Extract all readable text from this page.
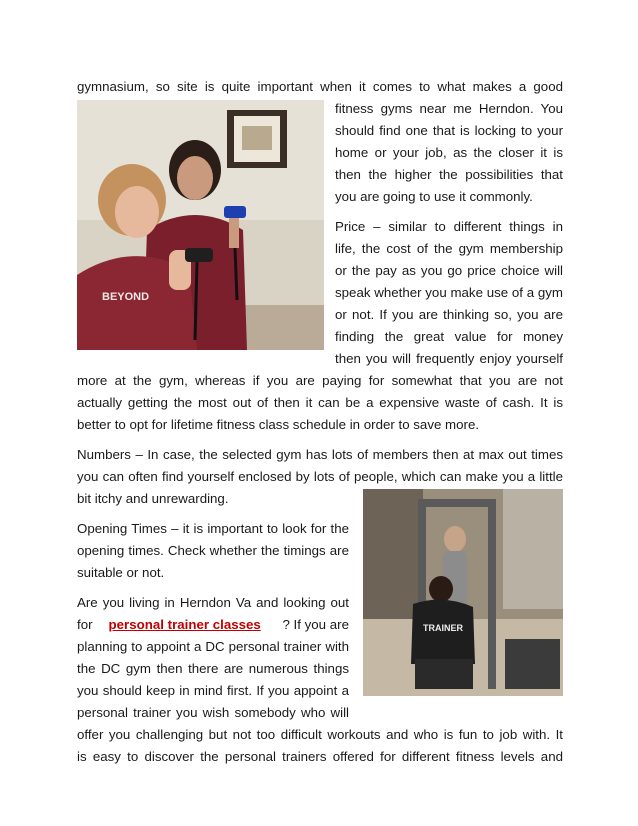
BEYOND
TRAINER
gymnasium, so site is quite important when it comes to what makes a good
fitness gyms near me Herndon. You
should find one that is locking to your
home or your job, as the closer it is
then the higher the possibilities that
you are going to use it commonly.
Price – similar to different things in
life, the cost of the gym membership
or the pay as you go price choice will
speak whether you make use of a gym
or not. If you are thinking so, you are
finding the great value for money
then you will frequently enjoy yourself
more at the gym, whereas if you are paying for somewhat that you are not
actually getting the most out of then it can be a expensive waste of cash. It is
better to opt for lifetime fitness class schedule in order to save more.
Numbers – In case, the selected gym has lots of members then at max out times
you can often find yourself enclosed by lots of people, which can make you a little
bit itchy and unrewarding.
Opening Times – it is important to look for the
opening times. Check whether the timings are
suitable or not.
Are you living in Herndon Va and looking out
for personal trainer classes ? If you are
planning to appoint a DC personal trainer with
the DC gym then there are numerous things
you should keep in mind first. If you appoint a
personal trainer you wish somebody who will
offer you challenging but not too difficult workouts and who is fun to job with. It
is easy to discover the personal trainers offered for different fitness levels and
